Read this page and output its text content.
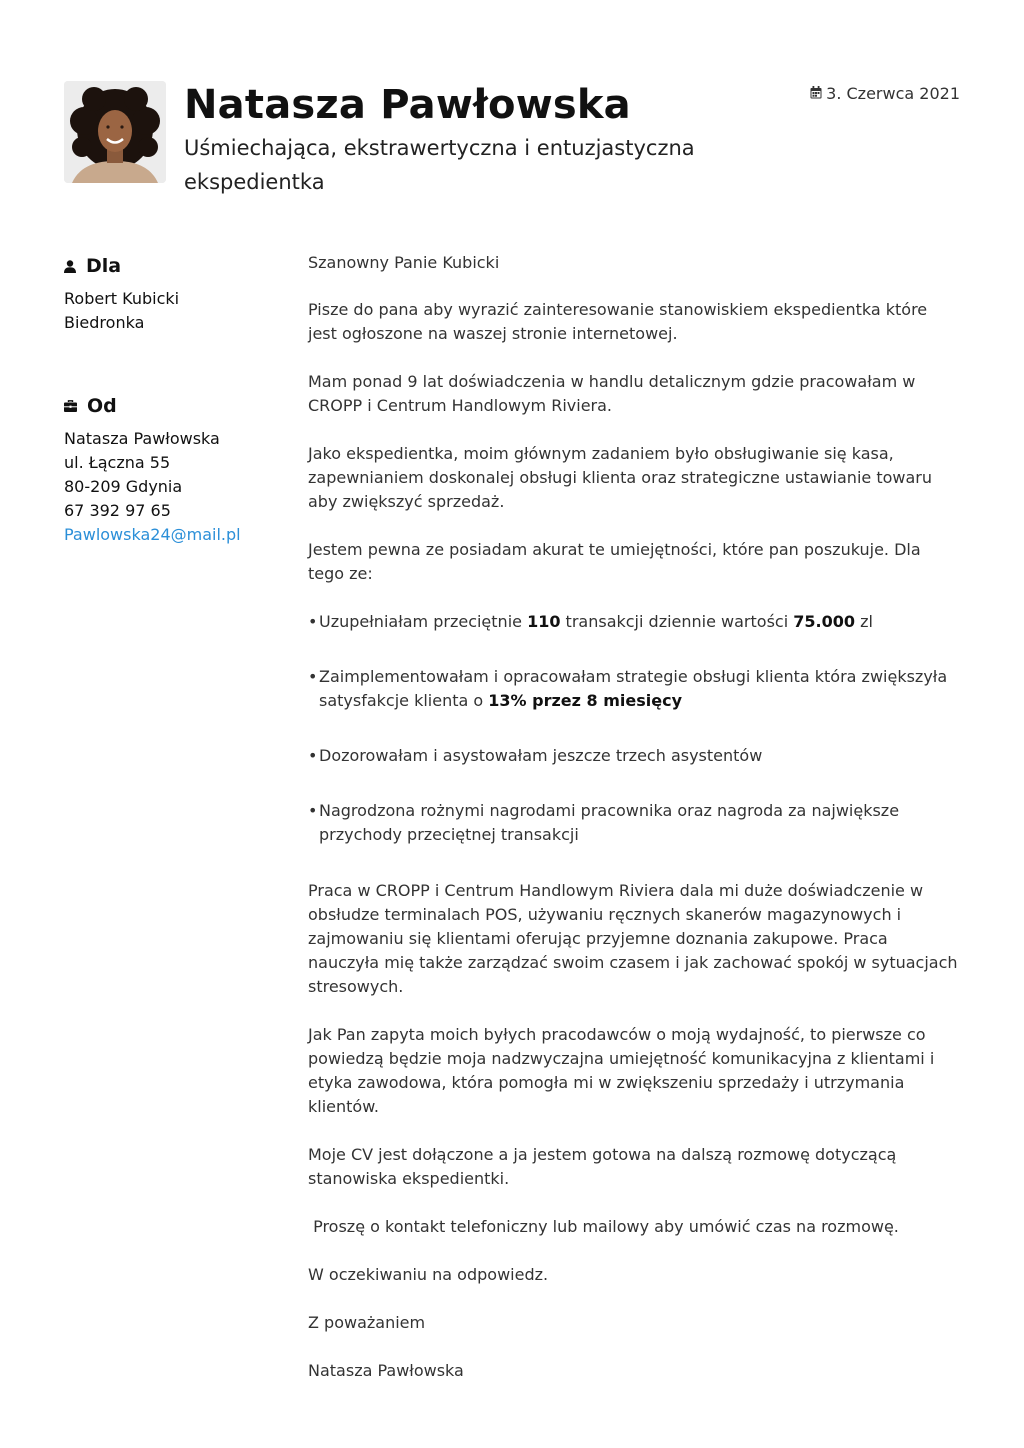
Natasza Pawłowska

Uśmiechająca, ekstrawertyczna i entuzjastyczna ekspedientka

3. Czerwca 2021
Dla
Robert Kubicki
Biedronka
Od
Natasza Pawłowska
ul. Łączna 55
80-209 Gdynia
67 392 97 65
Pawlowska24@mail.pl

Szanowny Panie Kubicki

Pisze do pana aby wyrazić zainteresowanie stanowiskiem ekspedientka które jest ogłoszone na waszej stronie internetowej.

Mam ponad 9 lat doświadczenia w handlu detalicznym gdzie pracowałam w CROPP i Centrum Handlowym Riviera.

Jako ekspedientka, moim głównym zadaniem było obsługiwanie się kasa, zapewnianiem doskonalej obsługi klienta oraz strategiczne ustawianie towaru aby zwiększyć sprzedaż.

Jestem pewna ze posiadam akurat te umiejętności, które pan poszukuje. Dla tego ze:

• Uzupełniałam przeciętnie 110 transakcji dziennie wartości 75.000 zl
• Zaimplementowałam i opracowałam strategie obsługi klienta która zwiększyła satysfakcje klienta o 13% przez 8 miesięcy
• Dozorowałam i asystowałam jeszcze trzech asystentów
• Nagrodzona rożnymi nagrodami pracownika oraz nagroda za największe przychody przeciętnej transakcji

Praca w CROPP i Centrum Handlowym Riviera dala mi duże doświadczenie w obsłudze terminalach POS, używaniu ręcznych skanerów magazynowych i zajmowaniu się klientami oferując przyjemne doznania zakupowe. Praca nauczyła mię także zarządzać swoim czasem i jak zachować spokój w sytuacjach stresowych.

Jak Pan zapyta moich byłych pracodawców o moją wydajność, to pierwsze co powiedzą będzie moja nadzwyczajna umiejętność komunikacyjna z klientami i etyka zawodowa, która pomogła mi w zwiększeniu sprzedaży i utrzymania klientów.

Moje CV jest dołączone a ja jestem gotowa na dalszą rozmowę dotyczącą stanowiska ekspedientki.

Proszę o kontakt telefoniczny lub mailowy aby umówić czas na rozmowę.

W oczekiwaniu na odpowiedz.

Z poważaniem

Natasza Pawłowska
